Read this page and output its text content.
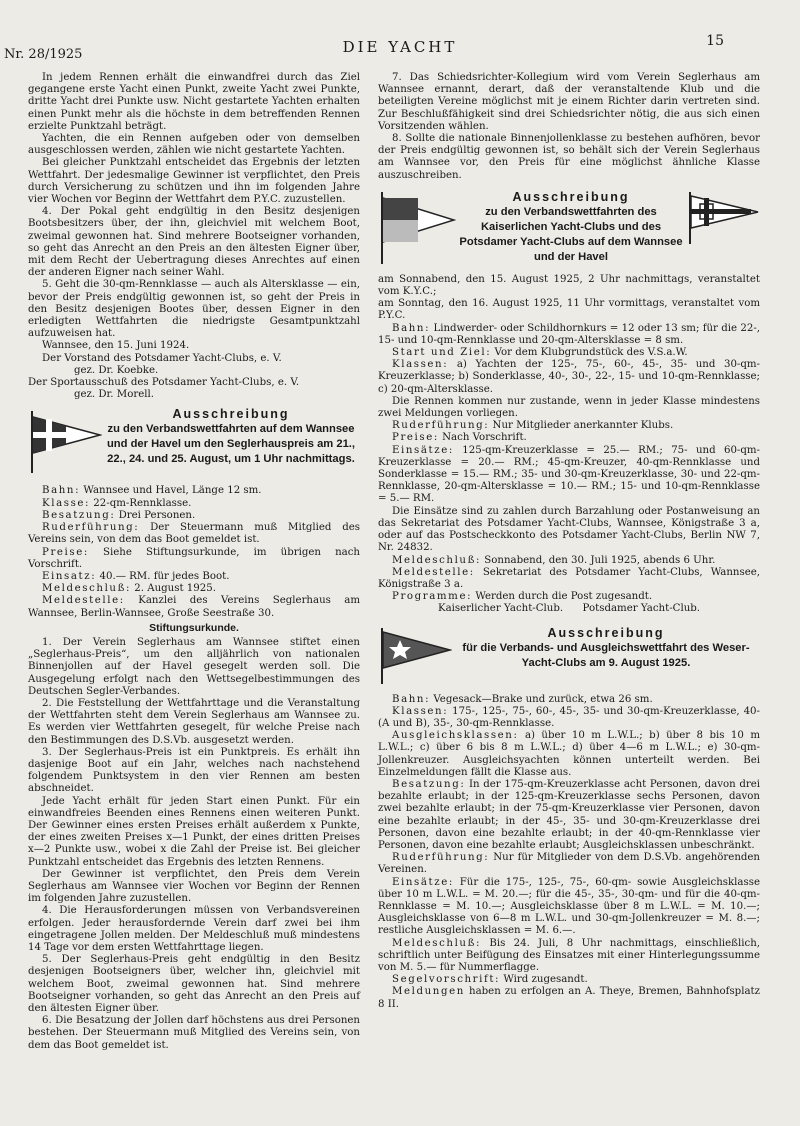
Nr. 28/1925	DIE YACHT	15

In jedem Rennen erhält die einwandfrei durch das Ziel gegangene erste Yacht einen Punkt, zweite Yacht zwei Punkte, dritte Yacht drei Punkte usw. Nicht gestartete Yachten erhalten einen Punkt mehr als die höchste in dem betreffenden Rennen erzielte Punktzahl beträgt.

Yachten, die ein Rennen aufgeben oder von demselben ausgeschlossen werden, zählen wie nicht gestartete Yachten.

Bei gleicher Punktzahl entscheidet das Ergebnis der letzten Wettfahrt. Der jedesmalige Gewinner ist verpflichtet, den Preis durch Versicherung zu schützen und ihn im folgenden Jahre vier Wochen vor Beginn der Wettfahrt dem P.Y.C. zuzustellen.

4. Der Pokal geht endgültig in den Besitz desjenigen Bootsbesitzers über, der ihn, gleichviel mit welchem Boot, zweimal gewonnen hat. Sind mehrere Bootseigner vorhanden, so geht das Anrecht an den Preis an den ältesten Eigner über, mit dem Recht der Uebertragung dieses Anrechtes auf einen der anderen Eigner nach seiner Wahl.

5. Geht die 30-qm-Rennklasse — auch als Altersklasse — ein, bevor der Preis endgültig gewonnen ist, so geht der Preis in den Besitz desjenigen Bootes über, dessen Eigner in den erledigten Wettfahrten die niedrigste Gesamtpunktzahl aufzuweisen hat.

Wannsee, den 15. Juni 1924.

Der Vorstand des Potsdamer Yacht-Clubs, e. V.

gez. Dr. Koebke.

Der Sportausschuß des Potsdamer Yacht-Clubs, e. V.

gez. Dr. Morell.

Ausschreibung
zu den Verbandswettfahrten auf dem Wannsee und der Havel um den Seglerhauspreis am 21., 22., 24. und 25. August, um 1 Uhr nachmittags.

Bahn: Wannsee und Havel, Länge 12 sm.

Klasse: 22-qm-Rennklasse.

Besatzung: Drei Personen.

Ruderführung: Der Steuermann muß Mitglied des Vereins sein, von dem das Boot gemeldet ist.

Preise: Siehe Stiftungsurkunde, im übrigen nach Vorschrift.

Einsatz: 40.— RM. für jedes Boot.

Meldeschluß: 2. August 1925.

Meldestelle: Kanzlei des Vereins Seglerhaus am Wannsee, Berlin-Wannsee, Große Seestraße 30.

Stiftungsurkunde.

1. Der Verein Seglerhaus am Wannsee stiftet einen „Seglerhaus-Preis“, um den alljährlich von nationalen Binnenjollen auf der Havel gesegelt werden soll. Die Ausgegelung erfolgt nach den Wettsegelbestimmungen des Deutschen Segler-Verbandes.

2. Die Feststellung der Wettfahrttage und die Veranstaltung der Wettfahrten steht dem Verein Seglerhaus am Wannsee zu. Es werden vier Wettfahrten gesegelt, für welche Preise nach den Bestimmungen des D.S.Vb. ausgesetzt werden.

3. Der Seglerhaus-Preis ist ein Punktpreis. Es erhält ihn dasjenige Boot auf ein Jahr, welches nach nachstehend folgendem Punktsystem in den vier Rennen am besten abschneidet.

Jede Yacht erhält für jeden Start einen Punkt. Für ein einwandfreies Beenden eines Rennens einen weiteren Punkt. Der Gewinner eines ersten Preises erhält außerdem x Punkte, der eines zweiten Preises x—1 Punkt, der eines dritten Preises x—2 Punkte usw., wobei x die Zahl der Preise ist. Bei gleicher Punktzahl entscheidet das Ergebnis des letzten Rennens.

Der Gewinner ist verpflichtet, den Preis dem Verein Seglerhaus am Wannsee vier Wochen vor Beginn der Rennen im folgenden Jahre zuzustellen.

4. Die Herausforderungen müssen von Verbandsvereinen erfolgen. Jeder herausfordernde Verein darf zwei bei ihm eingetragene Jollen melden. Der Meldeschluß muß mindestens 14 Tage vor dem ersten Wettfahrttage liegen.

5. Der Seglerhaus-Preis geht endgültig in den Besitz desjenigen Bootseigners über, welcher ihn, gleichviel mit welchem Boot, zweimal gewonnen hat. Sind mehrere Bootseigner vorhanden, so geht das Anrecht an den Preis auf den ältesten Eigner über.

6. Die Besatzung der Jollen darf höchstens aus drei Personen bestehen. Der Steuermann muß Mitglied des Vereins sein, von dem das Boot gemeldet ist.

7. Das Schiedsrichter-Kollegium wird vom Verein Seglerhaus am Wannsee ernannt, derart, daß der veranstaltende Klub und die beteiligten Vereine möglichst mit je einem Richter darin vertreten sind. Zur Beschlußfähigkeit sind drei Schiedsrichter nötig, die aus sich einen Vorsitzenden wählen.

8. Sollte die nationale Binnenjollenklasse zu bestehen aufhören, bevor der Preis endgültig gewonnen ist, so behält sich der Verein Seglerhaus am Wannsee vor, den Preis für eine möglichst ähnliche Klasse auszuschreiben.

Ausschreibung
zu den Verbandswettfahrten des Kaiserlichen Yacht-Clubs und des Potsdamer Yacht-Clubs auf dem Wannsee und der Havel

am Sonnabend, den 15. August 1925, 2 Uhr nachmittags, veranstaltet vom K.Y.C.;

am Sonntag, den 16. August 1925, 11 Uhr vormittags, veranstaltet vom P.Y.C.

Bahn: Lindwerder- oder Schildhornkurs = 12 oder 13 sm; für die 22-, 15- und 10-qm-Rennklasse und 20-qm-Altersklasse = 8 sm.

Start und Ziel: Vor dem Klubgrundstück des V.S.a.W.

Klassen: a) Yachten der 125-, 75-, 60-, 45-, 35- und 30-qm-Kreuzerklasse; b) Sonderklasse, 40-, 30-, 22-, 15- und 10-qm-Rennklasse; c) 20-qm-Altersklasse.

Die Rennen kommen nur zustande, wenn in jeder Klasse mindestens zwei Meldungen vorliegen.

Ruderführung: Nur Mitglieder anerkannter Klubs.

Preise: Nach Vorschrift.

Einsätze: 125-qm-Kreuzerklasse = 25.— RM.; 75- und 60-qm-Kreuzerklasse = 20.— RM.; 45-qm-Kreuzer, 40-qm-Rennklasse und Sonderklasse = 15.— RM.; 35- und 30-qm-Kreuzerklasse, 30- und 22-qm-Rennklasse, 20-qm-Altersklasse = 10.— RM.; 15- und 10-qm-Rennklasse = 5.— RM.

Die Einsätze sind zu zahlen durch Barzahlung oder Postanweisung an das Sekretariat des Potsdamer Yacht-Clubs, Wannsee, Königstraße 3 a, oder auf das Postscheckkonto des Potsdamer Yacht-Clubs, Berlin NW 7, Nr. 24832.

Meldeschluß: Sonnabend, den 30. Juli 1925, abends 6 Uhr.

Meldestelle: Sekretariat des Potsdamer Yacht-Clubs, Wannsee, Königstraße 3 a.

Programme: Werden durch die Post zugesandt.

Kaiserlicher Yacht-Club.      Potsdamer Yacht-Club.

Ausschreibung
für die Verbands- und Ausgleichswettfahrt des Weser-Yacht-Clubs am 9. August 1925.

Bahn: Vegesack—Brake und zurück, etwa 26 sm.

Klassen: 175-, 125-, 75-, 60-, 45-, 35- und 30-qm-Kreuzerklasse, 40- (A und B), 35-, 30-qm-Rennklasse.

Ausgleichsklassen: a) über 10 m L.W.L.; b) über 8 bis 10 m L.W.L.; c) über 6 bis 8 m L.W.L.; d) über 4—6 m L.W.L.; e) 30-qm-Jollenkreuzer. Ausgleichsyachten können unterteilt werden. Bei Einzelmeldungen fällt die Klasse aus.

Besatzung: In der 175-qm-Kreuzerklasse acht Personen, davon drei bezahlte erlaubt; in der 125-qm-Kreuzerklasse sechs Personen, davon zwei bezahlte erlaubt; in der 75-qm-Kreuzerklasse vier Personen, davon eine bezahlte erlaubt; in der 45-, 35- und 30-qm-Kreuzerklasse drei Personen, davon eine bezahlte erlaubt; in der 40-qm-Rennklasse vier Personen, davon eine bezahlte erlaubt; Ausgleichsklassen unbeschränkt.

Ruderführung: Nur für Mitglieder von dem D.S.Vb. angehörenden Vereinen.

Einsätze: Für die 175-, 125-, 75-, 60-qm- sowie Ausgleichsklasse über 10 m L.W.L. = M. 20.—; für die 45-, 35-, 30-qm- und für die 40-qm-Rennklasse = M. 10.—; Ausgleichsklasse über 8 m L.W.L. = M. 10.—; Ausgleichsklasse von 6—8 m L.W.L. und 30-qm-Jollenkreuzer = M. 8.—; restliche Ausgleichsklassen = M. 6.—.

Meldeschluß: Bis 24. Juli, 8 Uhr nachmittags, einschließlich, schriftlich unter Beifügung des Einsatzes mit einer Hinterlegungssumme von M. 5.— für Nummerflagge.

Segelvorschrift: Wird zugesandt.

Meldungen haben zu erfolgen an A. Theye, Bremen, Bahnhofsplatz 8 II.
